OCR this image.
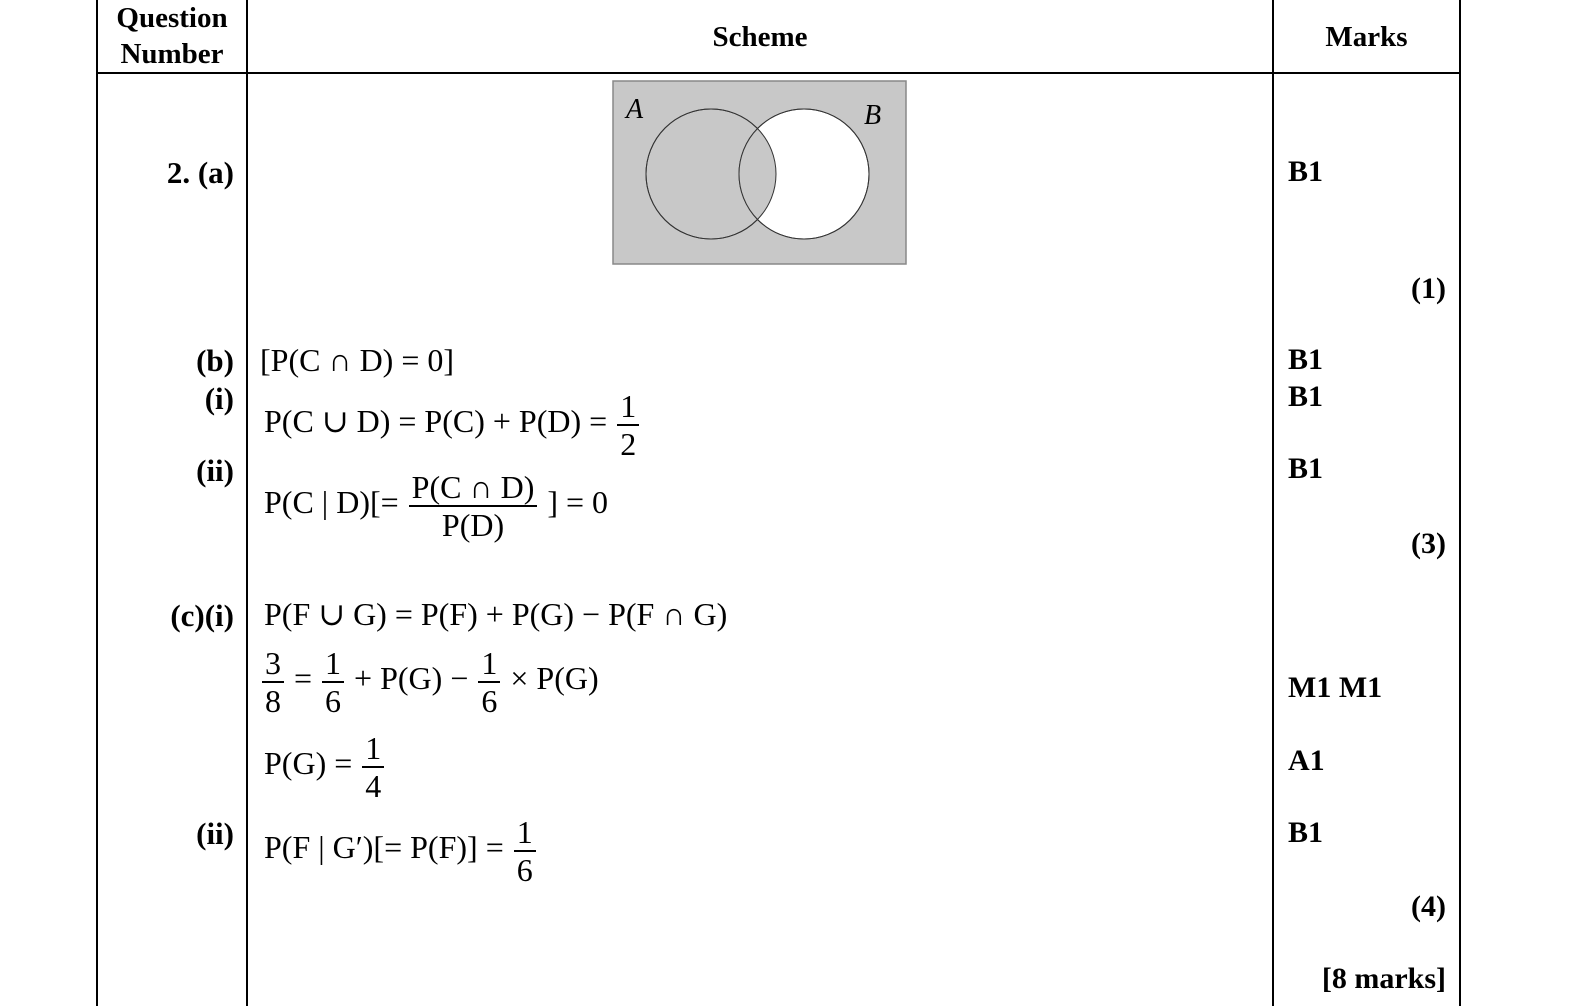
Question
Number
Scheme	Marks
2. (a)
A	B
B1
(1)
(b)
(i)
(ii)
[P(C ∩ D) = 0]
P(C ∪ $D) = P(C) + P(D) = \frac{1}{2}$
P(C | $D)[= \frac{P(C \cap D)}{P(D)}$ ] = 0
B1
B1
B1
(3)
(c)(i)
(ii)
P(F ∪ G) = P(F) + P(G) − P(F ∩ G)
$\frac{3}{8} = \frac{1}{6} + P(G) - \frac{1}{6} \times P(G)$
$P(G) = \frac{1}{4}$
P(F | $G')[= P(F)] = \frac{1}{6}$
M1 M1
A1
B1
(4)
[8 marks]
